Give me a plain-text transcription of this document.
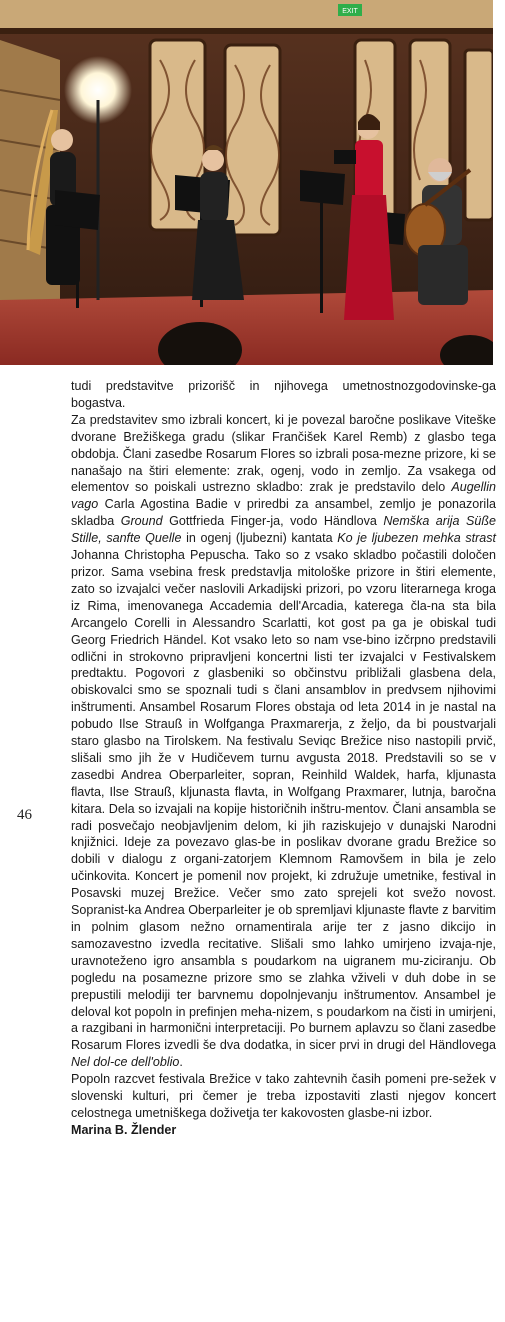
EXIT
46

tudi predstavitve prizorišč in njihovega umetnostnozgodovinske-ga bogastva.

Za predstavitev smo izbrali koncert, ki je povezal baročne poslikave Viteške dvorane Brežiškega gradu (slikar Frančišek Karel Remb) z glasbo tega obdobja. Člani zasedbe Rosarum Flores so izbrali posa-mezne prizore, ki se nanašajo na štiri elemente: zrak, ogenj, vodo in zemljo. Za vsakega od elementov so poiskali ustrezno skladbo: zrak je predstavilo delo Augellin vago Carla Agostina Badie v priredbi za ansambel, zemljo je ponazorila skladba Ground Gottfrieda Finger-ja, vodo Händlova Nemška arija Süße Stille, sanfte Quelle in ogenj (ljubezni) kantata Ko je ljubezen mehka strast Johanna Christopha Pepuscha. Tako so z vsako skladbo počastili določen prizor. Sama vsebina fresk predstavlja mitološke prizore in štiri elemente, zato so izvajalci večer naslovili Arkadijski prizori, po vzoru literarnega kroga iz Rima, imenovanega Accademia dell'Arcadia, katerega čla-na sta bila Arcangelo Corelli in Alessandro Scarlatti, kot gost pa ga je obiskal tudi Georg Friedrich Händel. Kot vsako leto so nam vse-bino izčrpno predstavili odlični in strokovno pripravljeni koncertni listi ter izvajalci v Festivalskem predtaktu. Pogovori z glasbeniki so občinstvu približali glasbena dela, obiskovalci smo se spoznali tudi s člani ansamblov in predvsem njihovimi inštrumenti. Ansambel Rosarum Flores obstaja od leta 2014 in je nastal na pobudo Ilse Strauß in Wolfganga Praxmarerja, z željo, da bi poustvarjali staro glasbo na Tirolskem. Na festivalu Seviqc Brežice niso nastopili prvič, slišali smo jih že v Hudičevem turnu avgusta 2018. Predstavili so se v zasedbi Andrea Oberparleiter, sopran, Reinhild Waldek, harfa, kljunasta flavta, Ilse Strauß, kljunasta flavta, in Wolfgang Praxmarer, lutnja, baročna kitara. Dela so izvajali na kopije historičnih inštru-mentov. Člani ansambla se radi posvečajo neobjavljenim delom, ki jih raziskujejo v dunajski Narodni knjižnici. Ideje za povezavo glas-be in poslikav dvorane gradu Brežice so dobili v dialogu z organi-zatorjem Klemnom Ramovšem in bila je zelo učinkovita. Koncert je pomenil nov projekt, ki združuje umetnike, festival in Posavski muzej Brežice. Večer smo zato sprejeli kot svežo novost. Sopranist-ka Andrea Oberparleiter je ob spremljavi kljunaste flavte z barvitim in polnim glasom nežno ornamentirala arije ter z jasno dikcijo in samozavestno izvedla recitative. Slišali smo lahko umirjeno izvaja-nje, uravnoteženo igro ansambla s poudarkom na uigranem mu-ziciranju. Ob pogledu na posamezne prizore smo se zlahka vživeli v duh dobe in se prepustili melodiji ter barvnemu dopolnjevanju inštrumentov. Ansambel je deloval kot popoln in prefinjen meha-nizem, s poudarkom na čisti in umirjeni, a razgibani in harmonični interpretaciji. Po burnem aplavzu so člani zasedbe Rosarum Flores izvedli še dva dodatka, in sicer prvi in drugi del Händlovega Nel dol-ce dell'oblio.

Popoln razcvet festivala Brežice v tako zahtevnih časih pomeni pre-sežek v slovenski kulturi, pri čemer je treba izpostaviti zlasti njegov koncert celostnega umetniškega doživetja ter kakovosten glasbe-ni izbor.

Marina B. Žlender
